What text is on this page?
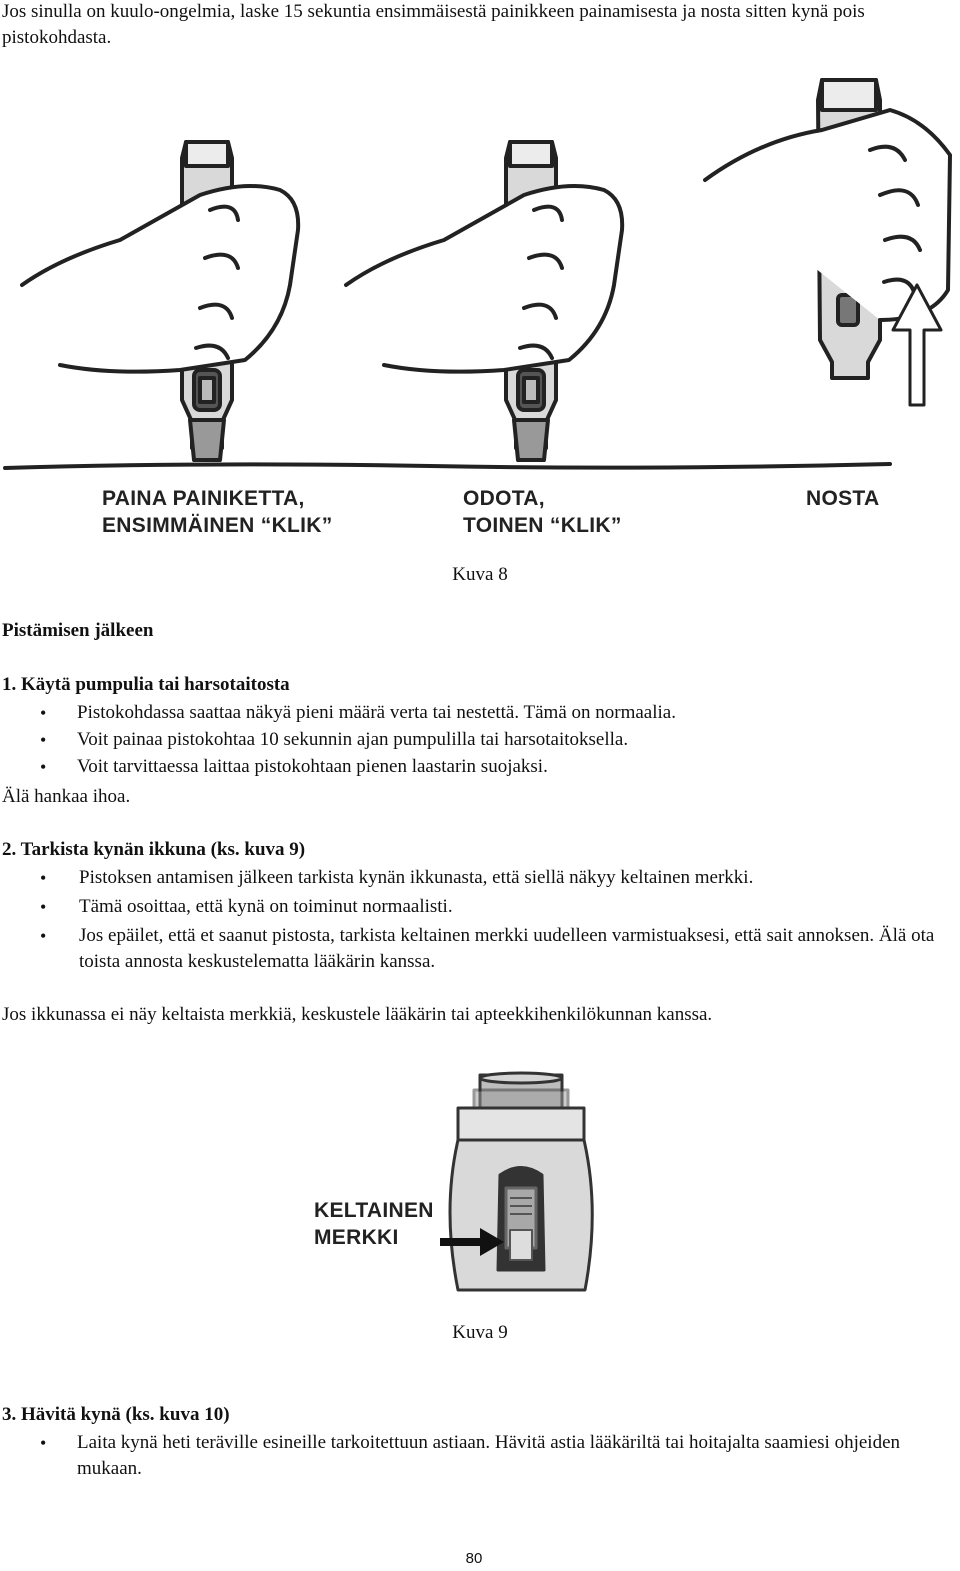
Jos sinulla on kuulo-ongelmia, laske 15 sekuntia ensimmäisestä painikkeen painamisesta ja nosta sitten kynä pois pistokohdasta.

PAINA PAINIKETTA,
ENSIMMÄINEN “KLIK”
ODOTA,
TOINEN “KLIK”
NOSTA
Kuva 8

Pistämisen jälkeen

1. Käytä pumpulia tai harsotaitosta

• Pistokohdassa saattaa näkyä pieni määrä verta tai nestettä. Tämä on normaalia.
• Voit painaa pistokohtaa 10 sekunnin ajan pumpulilla tai harsotaitoksella.
• Voit tarvittaessa laittaa pistokohtaan pienen laastarin suojaksi.

Älä hankaa ihoa.

2. Tarkista kynän ikkuna (ks. kuva 9)

• Pistoksen antamisen jälkeen tarkista kynän ikkunasta, että siellä näkyy keltainen merkki.
• Tämä osoittaa, että kynä on toiminut normaalisti.
• Jos epäilet, että et saanut pistosta, tarkista keltainen merkki uudelleen varmistuaksesi, että sait annoksen. Älä ota toista annosta keskustelematta lääkärin kanssa.

Jos ikkunassa ei näy keltaista merkkiä, keskustele lääkärin tai apteekkihenkilökunnan kanssa.

KELTAINEN
MERKKI
Kuva 9

3. Hävitä kynä (ks. kuva 10)

• Laita kynä heti teräville esineille tarkoitettuun astiaan. Hävitä astia lääkäriltä tai hoitajalta saamiesi ohjeiden mukaan.
80
